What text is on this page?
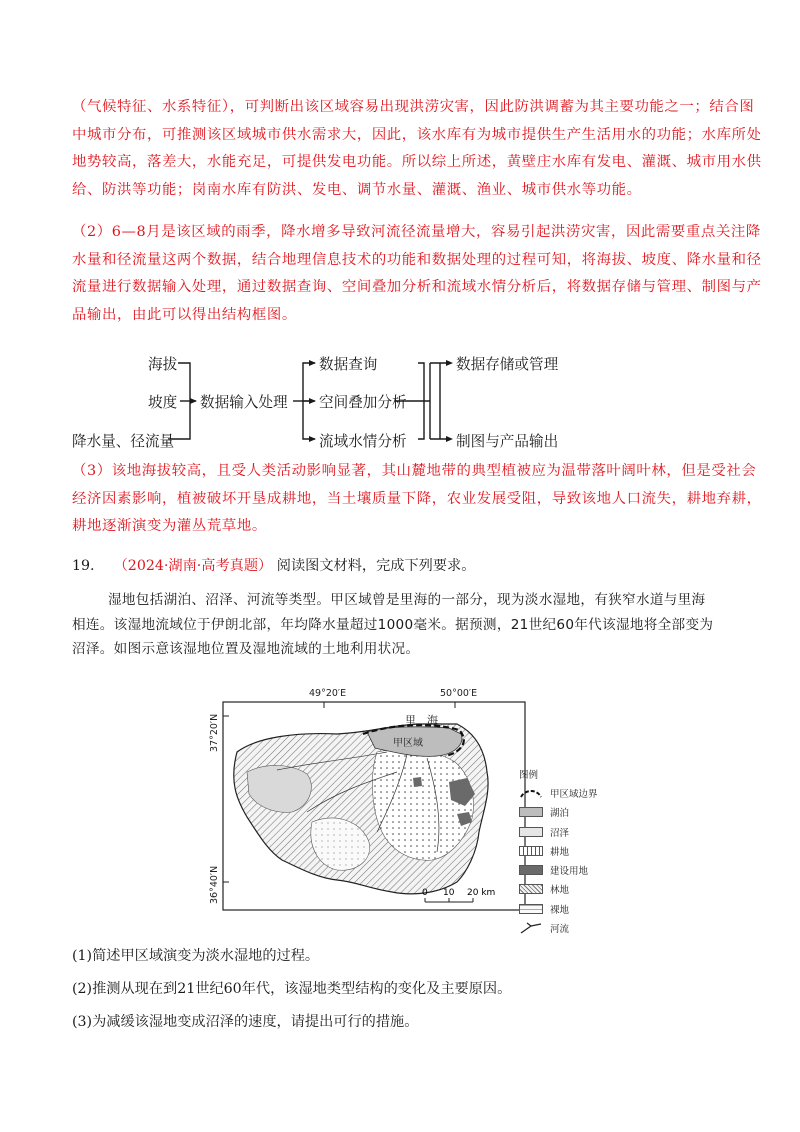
（气候特征、水系特征），可判断出该区域容易出现洪涝灾害，因此防洪调蓄为其主要功能之一；结合图
中城市分布，可推测该区域城市供水需求大，因此，该水库有为城市提供生产生活用水的功能；水库所处
地势较高，落差大，水能充足，可提供发电功能。所以综上所述，黄壁庄水库有发电、灌溉、城市用水供
给、防洪等功能；岗南水库有防洪、发电、调节水量、灌溉、渔业、城市供水等功能。
（2）6—8月是该区域的雨季，降水增多导致河流径流量增大，容易引起洪涝灾害，因此需要重点关注降
水量和径流量这两个数据，结合地理信息技术的功能和数据处理的过程可知，将海拔、坡度、降水量和径
流量进行数据输入处理，通过数据查询、空间叠加分析和流域水情分析后，将数据存储与管理、制图与产
品输出，由此可以得出结构框图。
海拔
坡度
降水量、径流量
数据输入处理
数据查询
空间叠加分析
流域水情分析
数据存储或管理
制图与产品输出
（3）该地海拔较高，且受人类活动影响显著，其山麓地带的典型植被应为温带落叶阔叶林，但是受社会
经济因素影响，植被破坏开垦成耕地，当土壤质量下降，农业发展受阻，导致该地人口流失，耕地弃耕，
耕地逐渐演变为灌丛荒草地。
19. （2024·湖南·高考真题） 阅读图文材料，完成下列要求。
湿地包括湖泊、沼泽、河流等类型。甲区域曾是里海的一部分，现为淡水湿地，有狭窄水道与里海
相连。该湿地流域位于伊朗北部，年均降水量超过1000毫米。据预测，21世纪60年代该湿地将全部变为
沼泽。如图示意该湿地位置及湿地流域的土地利用状况。
49°20′E	50°00′E
37°20′N
36°40′N
里　海
甲区域
0 10 20 km
图例
甲区域边界
湖泊
沼泽
耕地
建设用地
林地
裸地
河流
(1)简述甲区域演变为淡水湿地的过程。
(2)推测从现在到21世纪60年代，该湿地类型结构的变化及主要原因。
(3)为减缓该湿地变成沼泽的速度，请提出可行的措施。
